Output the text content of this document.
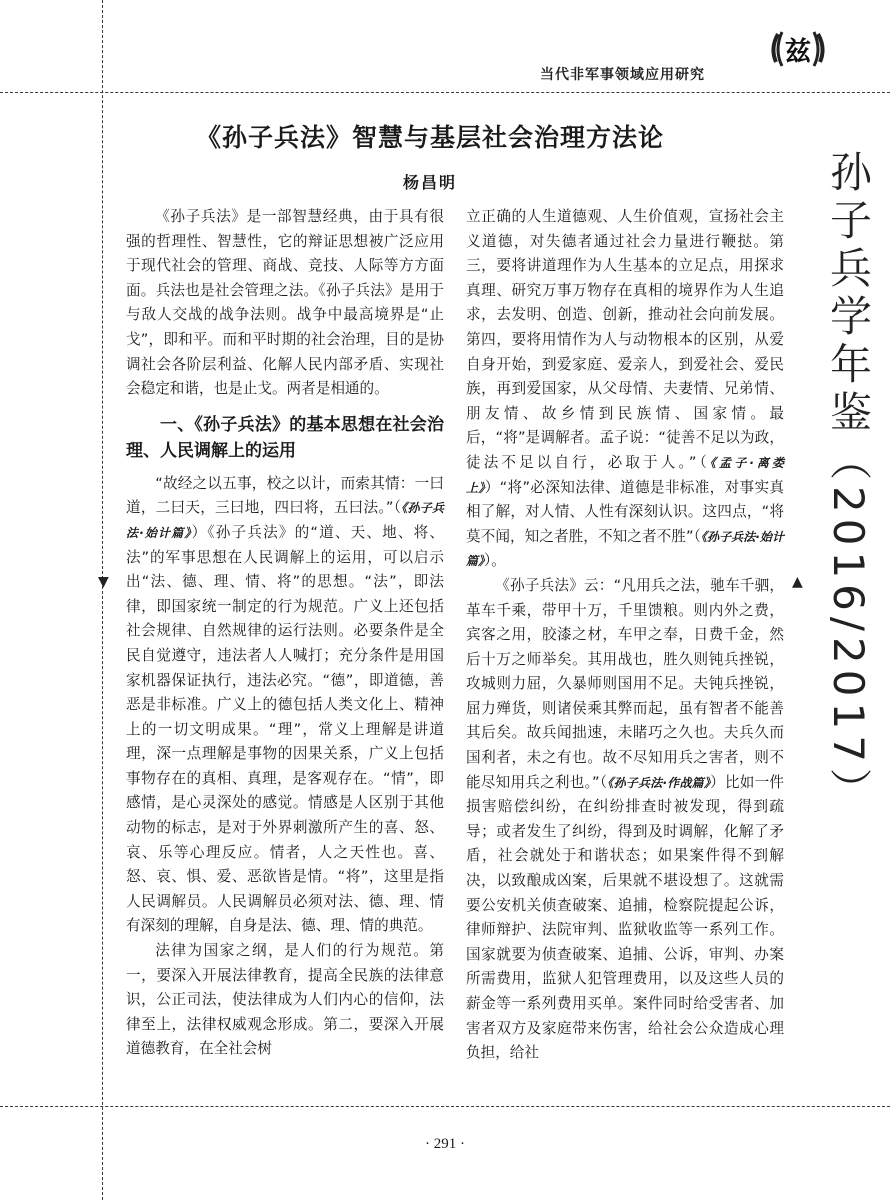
当代非军事领域应用研究
兹
《孙子兵法》智慧与基层社会治理方法论
杨昌明

《孙子兵法》是一部智慧经典，由于具有很强的哲理性、智慧性，它的辩证思想被广泛应用于现代社会的管理、商战、竞技、人际等方方面面。兵法也是社会管理之法。《孙子兵法》是用于与敌人交战的战争法则。战争中最高境界是“止戈”，即和平。而和平时期的社会治理，目的是协调社会各阶层利益、化解人民内部矛盾、实现社会稳定和谐，也是止戈。两者是相通的。

一、《孙子兵法》的基本思想在社会治理、人民调解上的运用

“故经之以五事，校之以计，而索其情：一曰道，二曰天，三曰地，四曰将，五曰法。”（《孙子兵法·始计篇》）《孙子兵法》的“道、天、地、将、法”的军事思想在人民调解上的运用，可以启示出“法、德、理、情、将”的思想。“法”，即法律，即国家统一制定的行为规范。广义上还包括社会规律、自然规律的运行法则。必要条件是全民自觉遵守，违法者人人喊打；充分条件是用国家机器保证执行，违法必究。“德”，即道德，善恶是非标准。广义上的德包括人类文化上、精神上的一切文明成果。“理”，常义上理解是讲道理，深一点理解是事物的因果关系，广义上包括事物存在的真相、真理，是客观存在。“情”，即感情，是心灵深处的感觉。情感是人区别于其他动物的标志，是对于外界刺激所产生的喜、怒、哀、乐等心理反应。情者，人之天性也。喜、怒、哀、惧、爱、恶欲皆是情。“将”，这里是指人民调解员。人民调解员必须对法、德、理、情有深刻的理解，自身是法、德、理、情的典范。

法律为国家之纲，是人们的行为规范。第一，要深入开展法律教育，提高全民族的法律意识，公正司法，使法律成为人们内心的信仰，法律至上，法律权威观念形成。第二，要深入开展道德教育，在全社会树

立正确的人生道德观、人生价值观，宣扬社会主义道德，对失德者通过社会力量进行鞭挞。第三，要将讲道理作为人生基本的立足点，用探求真理、研究万事万物存在真相的境界作为人生追求，去发明、创造、创新，推动社会向前发展。第四，要将用情作为人与动物根本的区别，从爱自身开始，到爱家庭、爱亲人，到爱社会、爱民族，再到爱国家，从父母情、夫妻情、兄弟情、朋友情、故乡情到民族情、国家情。最后，“将”是调解者。孟子说：“徒善不足以为政，徒法不足以自行，必取于人。”（《孟子·离娄上》）“将”必深知法律、道德是非标准，对事实真相了解，对人情、人性有深刻认识。这四点，“将莫不闻，知之者胜，不知之者不胜”（《孙子兵法·始计篇》）。

《孙子兵法》云：“凡用兵之法，驰车千驷，革车千乘，带甲十万，千里馈粮。则内外之费，宾客之用，胶漆之材，车甲之奉，日费千金，然后十万之师举矣。其用战也，胜久则钝兵挫锐，攻城则力屈，久暴师则国用不足。夫钝兵挫锐，屈力殚货，则诸侯乘其弊而起，虽有智者不能善其后矣。故兵闻拙速，未睹巧之久也。夫兵久而国利者，未之有也。故不尽知用兵之害者，则不能尽知用兵之利也。”（《孙子兵法·作战篇》）比如一件损害赔偿纠纷，在纠纷排查时被发现，得到疏导；或者发生了纠纷，得到及时调解，化解了矛盾，社会就处于和谐状态；如果案件得不到解决，以致酿成凶案，后果就不堪设想了。这就需要公安机关侦查破案、追捕，检察院提起公诉，律师辩护、法院审判、监狱收监等一系列工作。国家就要为侦查破案、追捕、公诉，审判、办案所需费用，监狱人犯管理费用，以及这些人员的薪金等一系列费用买单。案件同时给受害者、加害者双方及家庭带来伤害，给社会公众造成心理负担，给社

孙子兵学年鉴（2016/2017）
▼	▲
· 291 ·
